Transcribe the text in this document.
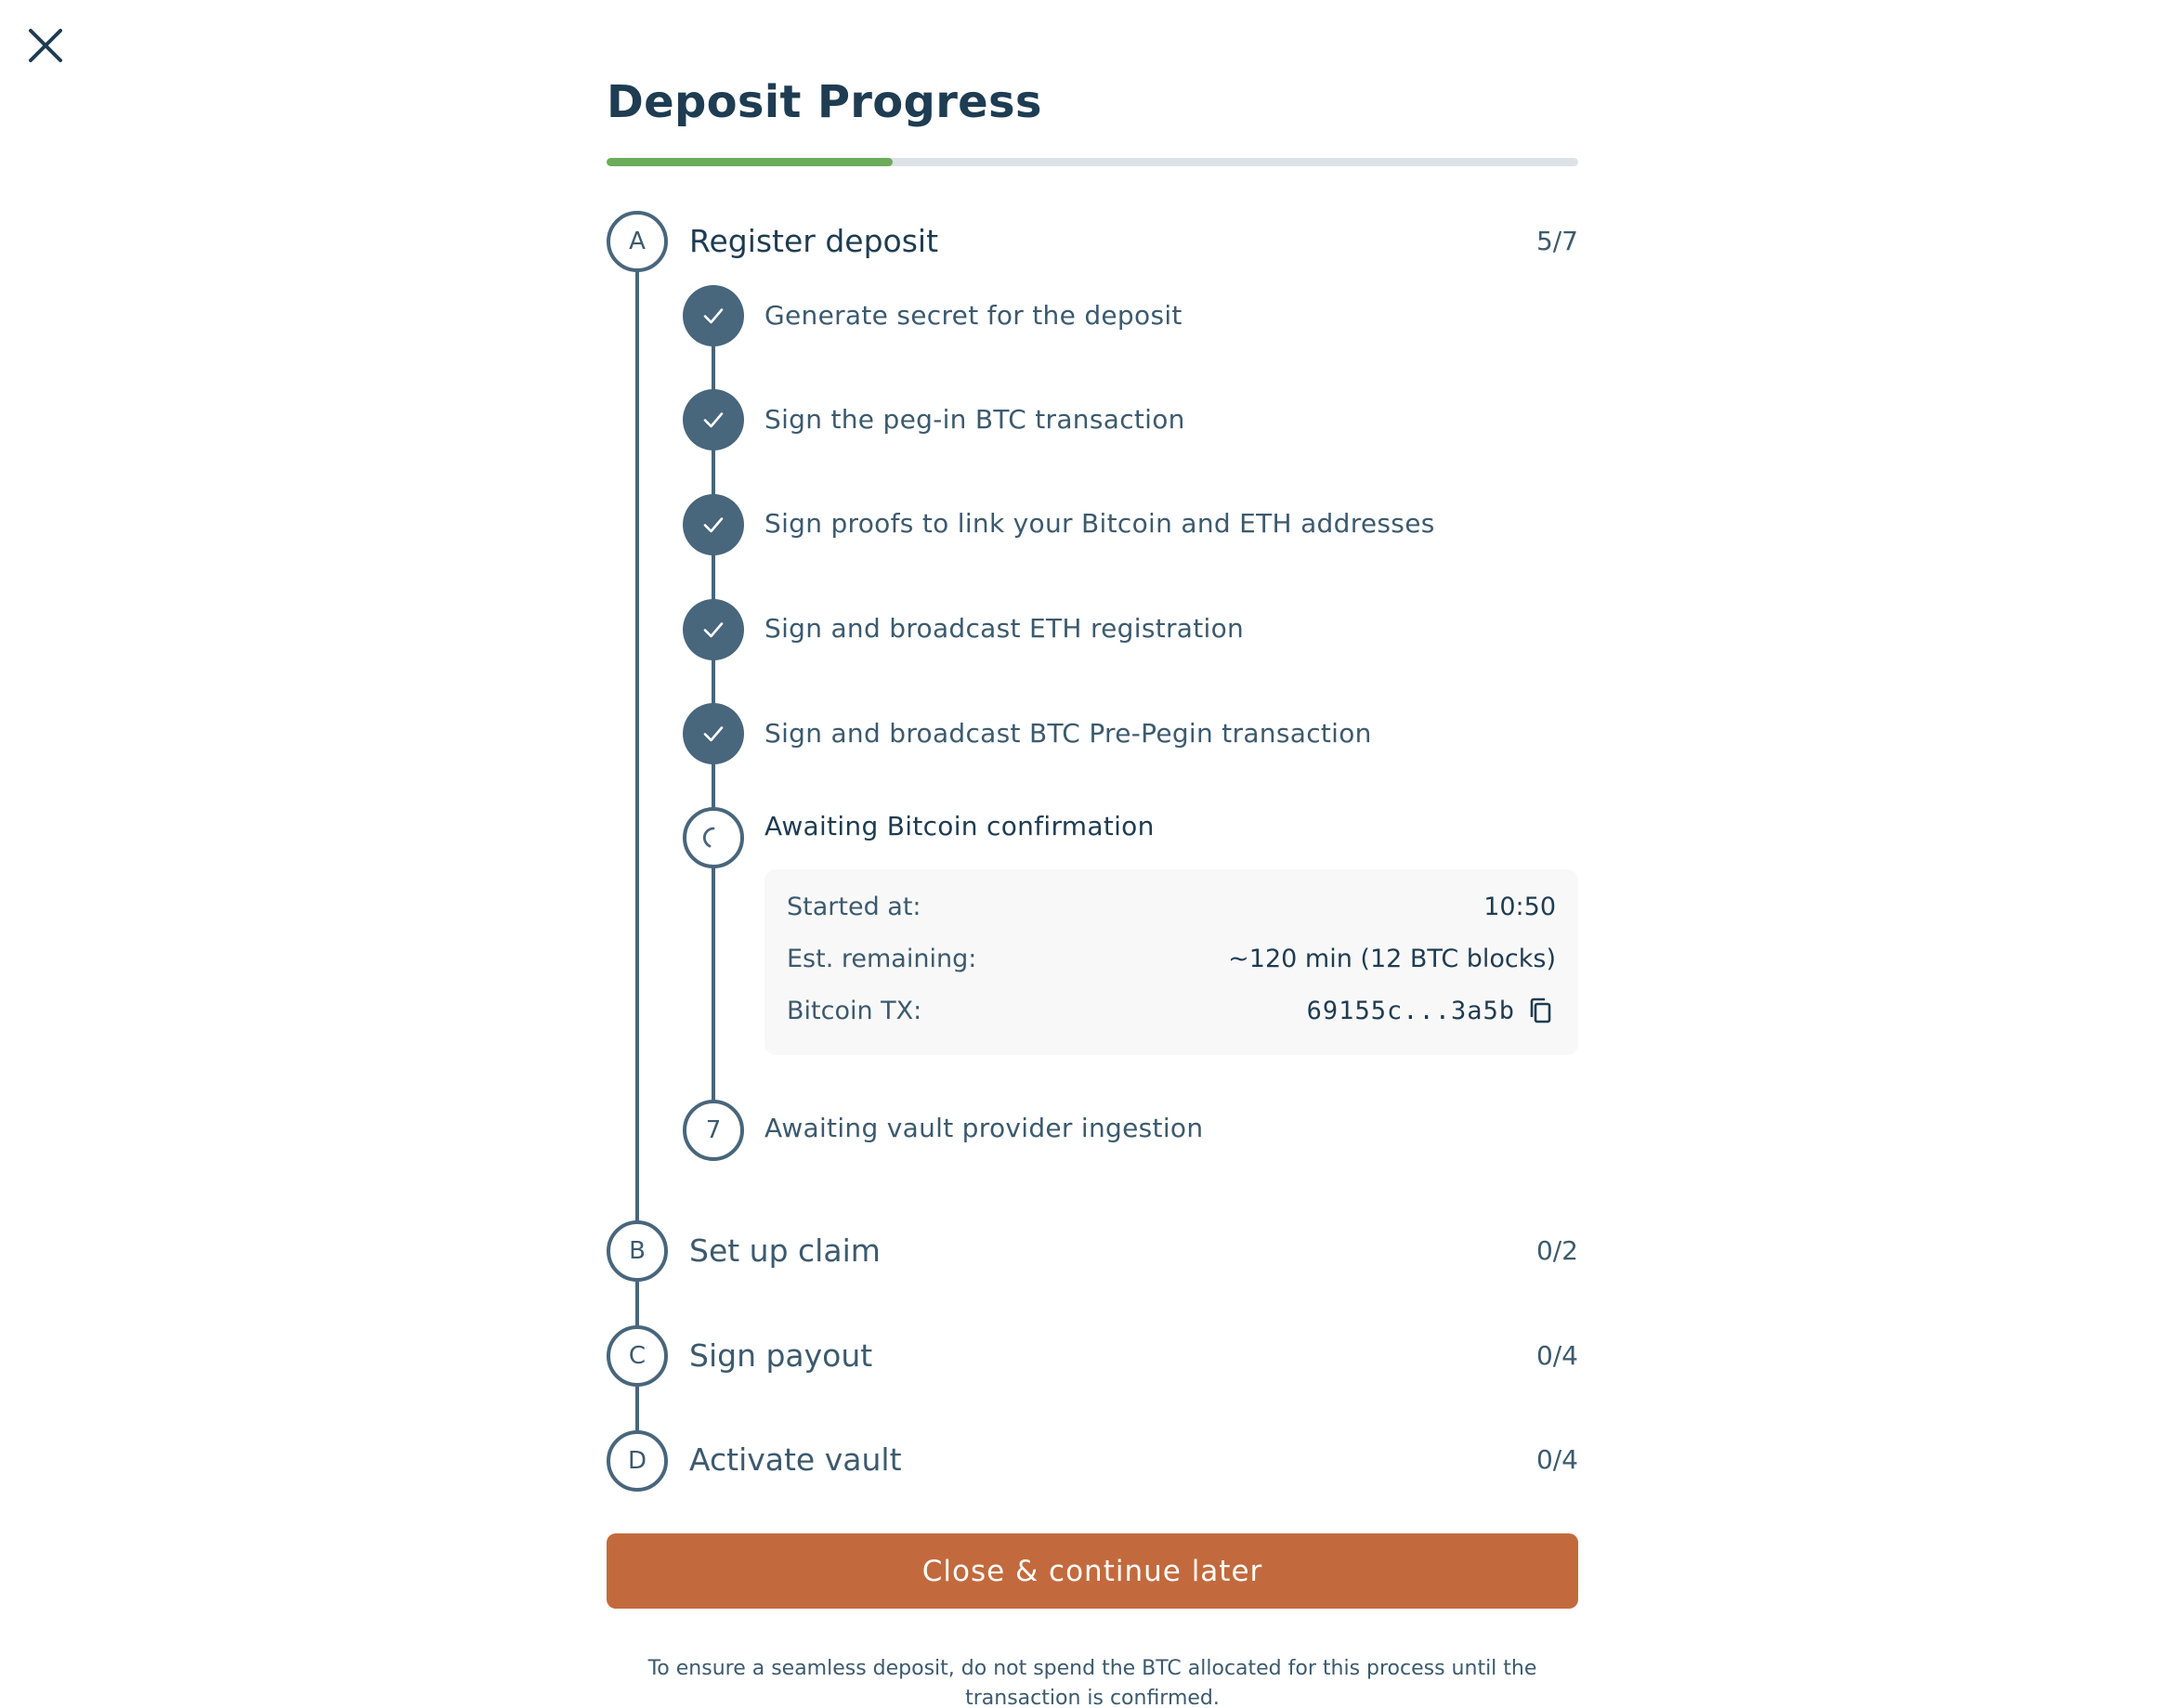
Deposit Progress
A Register deposit	5/7
Generate secret for the deposit
Sign the peg-in BTC transaction
Sign proofs to link your Bitcoin and ETH addresses
Sign and broadcast ETH registration
Sign and broadcast BTC Pre-Pegin transaction
Awaiting Bitcoin confirmation
Started at:	10:50
Est. remaining:	~120 min (12 BTC blocks)
Bitcoin TX:	69155c...3a5b
7 Awaiting vault provider ingestion
B Set up claim	0/2
C Sign payout	0/4
D Activate vault	0/4
Close & continue later

To ensure a seamless deposit, do not spend the BTC allocated for this process until the transaction is confirmed.
